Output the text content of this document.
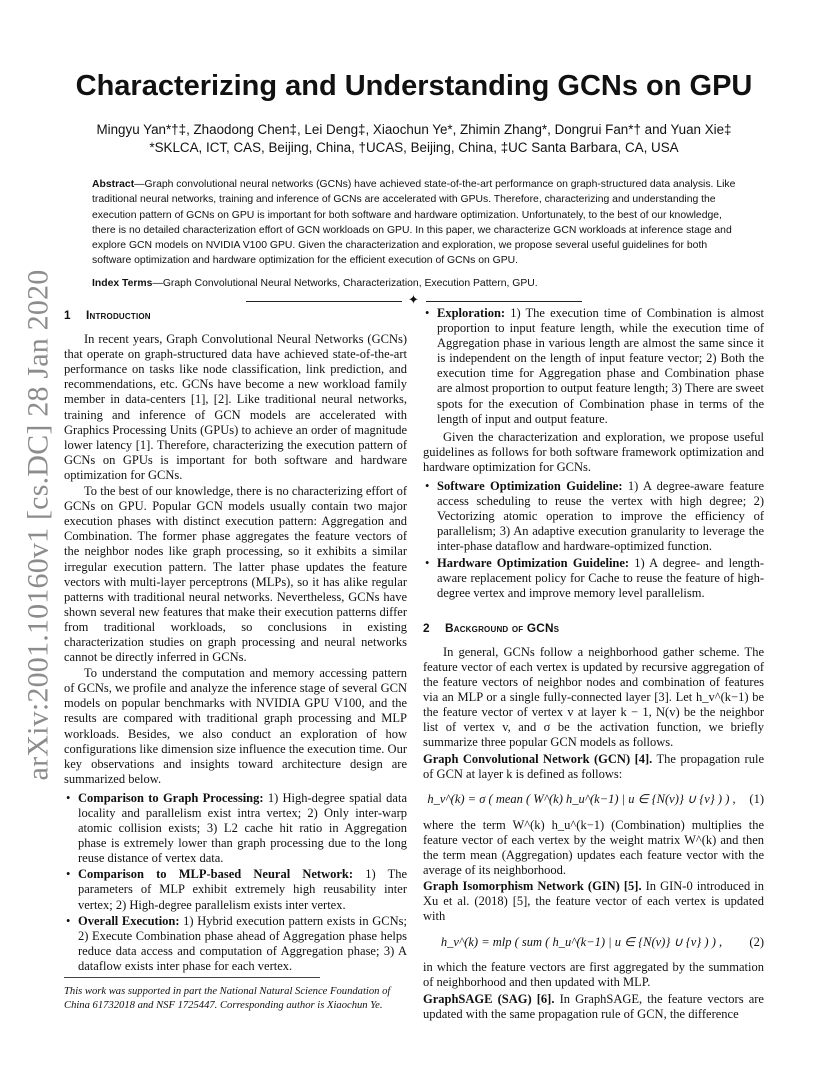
arXiv:2001.10160v1 [cs.DC] 28 Jan 2020
Characterizing and Understanding GCNs on GPU
Mingyu Yan*†‡, Zhaodong Chen‡, Lei Deng‡, Xiaochun Ye*, Zhimin Zhang*, Dongrui Fan*† and Yuan Xie‡
*SKLCA, ICT, CAS, Beijing, China, †UCAS, Beijing, China, ‡UC Santa Barbara, CA, USA
Abstract—Graph convolutional neural networks (GCNs) have achieved state-of-the-art performance on graph-structured data analysis. Like traditional neural networks, training and inference of GCNs are accelerated with GPUs. Therefore, characterizing and understanding the execution pattern of GCNs on GPU is important for both software and hardware optimization. Unfortunately, to the best of our knowledge, there is no detailed characterization effort of GCN workloads on GPU. In this paper, we characterize GCN workloads at inference stage and explore GCN models on NVIDIA V100 GPU. Given the characterization and exploration, we propose several useful guidelines for both software optimization and hardware optimization for the efficient execution of GCNs on GPU.
Index Terms—Graph Convolutional Neural Networks, Characterization, Execution Pattern, GPU.
✦
1 Introduction

In recent years, Graph Convolutional Neural Networks (GCNs) that operate on graph-structured data have achieved state-of-the-art performance on tasks like node classification, link prediction, and recommendations, etc. GCNs have become a new workload family member in data-centers [1], [2]. Like traditional neural networks, training and inference of GCN models are accelerated with Graphics Processing Units (GPUs) to achieve an order of magnitude lower latency [1]. Therefore, characterizing the execution pattern of GCNs on GPUs is important for both software and hardware optimization for GCNs.

To the best of our knowledge, there is no characterizing effort of GCNs on GPU. Popular GCN models usually contain two major execution phases with distinct execution pattern: Aggregation and Combination. The former phase aggregates the feature vectors of the neighbor nodes like graph processing, so it exhibits a similar irregular execution pattern. The latter phase updates the feature vectors with multi-layer perceptrons (MLPs), so it has alike regular patterns with traditional neural networks. Nevertheless, GCNs have shown several new features that make their execution patterns differ from traditional workloads, so conclusions in existing characterization studies on graph processing and neural networks cannot be directly inferred in GCNs.

To understand the computation and memory accessing pattern of GCNs, we profile and analyze the inference stage of several GCN models on popular benchmarks with NVIDIA GPU V100, and the results are compared with traditional graph processing and MLP workloads. Besides, we also conduct an exploration of how configurations like dimension size influence the execution time. Our key observations and insights toward architecture design are summarized below.

• Comparison to Graph Processing: 1) High-degree spatial data locality and parallelism exist intra vertex; 2) Only inter-warp atomic collision exists; 3) L2 cache hit ratio in Aggregation phase is extremely lower than graph processing due to the long reuse distance of vertex data.
• Comparison to MLP-based Neural Network: 1) The parameters of MLP exhibit extremely high reusability inter vertex; 2) High-degree parallelism exists inter vertex.
• Overall Execution: 1) Hybrid execution pattern exists in GCNs; 2) Execute Combination phase ahead of Aggregation phase helps reduce data access and computation of Aggregation phase; 3) A dataflow exists inter phase for each vertex.
This work was supported in part the National Natural Science Foundation of China 61732018 and NSF 1725447. Corresponding author is Xiaochun Ye.
• Exploration: 1) The execution time of Combination is almost proportion to input feature length, while the execution time of Aggregation phase in various length are almost the same since it is independent on the length of input feature vector; 2) Both the execution time for Aggregation phase and Combination phase are almost proportion to output feature length; 3) There are sweet spots for the execution of Combination phase in terms of the length of input and output feature.

Given the characterization and exploration, we propose useful guidelines as follows for both software framework optimization and hardware optimization for GCNs.

• Software Optimization Guideline: 1) A degree-aware feature access scheduling to reuse the vertex with high degree; 2) Vectorizing atomic operation to improve the efficiency of parallelism; 3) An adaptive execution granularity to leverage the inter-phase dataflow and hardware-optimized function.
• Hardware Optimization Guideline: 1) A degree- and length-aware replacement policy for Cache to reuse the feature of high-degree vertex and improve memory level parallelism.
2 Background of GCNs

In general, GCNs follow a neighborhood gather scheme. The feature vector of each vertex is updated by recursive aggregation of the feature vectors of neighbor nodes and combination of features via an MLP or a single fully-connected layer [3]. Let h_v^(k−1) be the feature vector of vertex v at layer k − 1, N(v) be the neighbor list of vertex v, and σ be the activation function, we briefly summarize three popular GCN models as follows.

Graph Convolutional Network (GCN) [4]. The propagation rule of GCN at layer k is defined as follows:

h_v^(k) = σ ( mean ( W^(k) h_u^(k−1) | u ∈ {N(v)} ∪ {v} ) ) ,	(1)

where the term W^(k) h_u^(k−1) (Combination) multiplies the feature vector of each vertex by the weight matrix W^(k) and then the term mean (Aggregation) updates each feature vector with the average of its neighborhood.

Graph Isomorphism Network (GIN) [5]. In GIN-0 introduced in Xu et al. (2018) [5], the feature vector of each vertex is updated with

h_v^(k) = mlp ( sum ( h_u^(k−1) | u ∈ {N(v)} ∪ {v} ) ) ,	(2)

in which the feature vectors are first aggregated by the summation of neighborhood and then updated with MLP.

GraphSAGE (SAG) [6]. In GraphSAGE, the feature vectors are updated with the same propagation rule of GCN, the difference
